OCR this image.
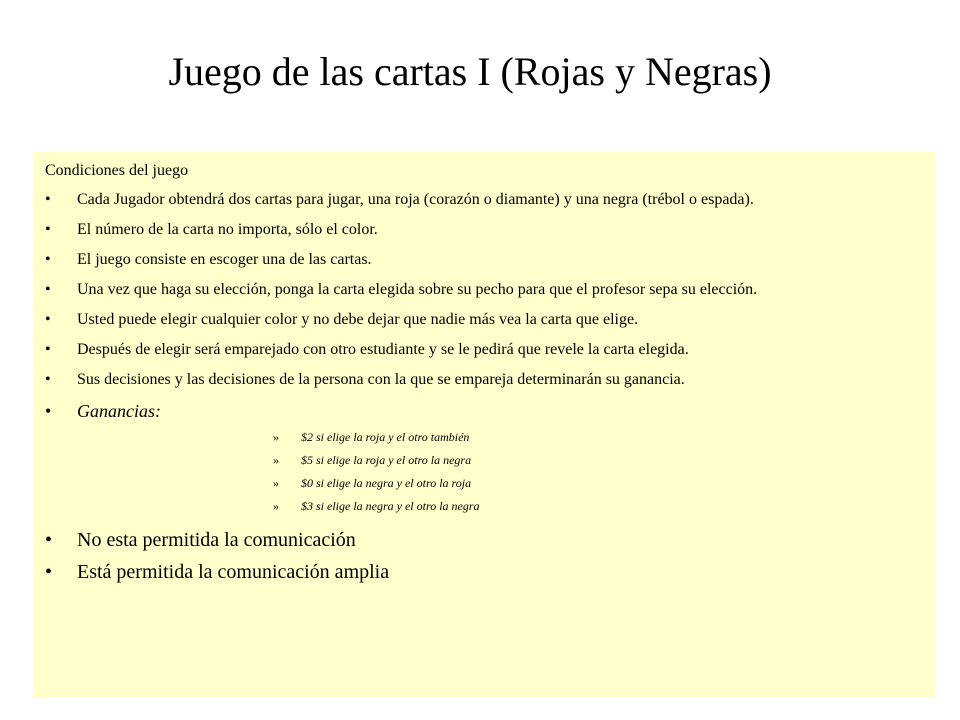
Juego de las cartas I (Rojas y Negras)
Condiciones del juego
• Cada Jugador obtendrá dos cartas para jugar, una roja (corazón o diamante) y una negra (trébol o espada).
• El número de la carta no importa, sólo el color.
• El juego consiste en escoger una de las cartas.
• Una vez que haga su elección, ponga la carta elegida sobre su pecho para que el profesor sepa su elección.
• Usted puede elegir cualquier color y no debe dejar que nadie más vea la carta que elige.
• Después de elegir será emparejado con otro estudiante y se le pedirá que revele la carta elegida.
• Sus decisiones y las decisiones de la persona con la que se empareja determinarán su ganancia.
• Ganancias:
» $2 si elige la roja y el otro también
» $5 si elige la roja y el otro la negra
» $0 si elige la negra y el otro la roja
» $3 si elige la negra y el otro la negra
• No esta permitida la comunicación
• Está permitida la comunicación amplia
